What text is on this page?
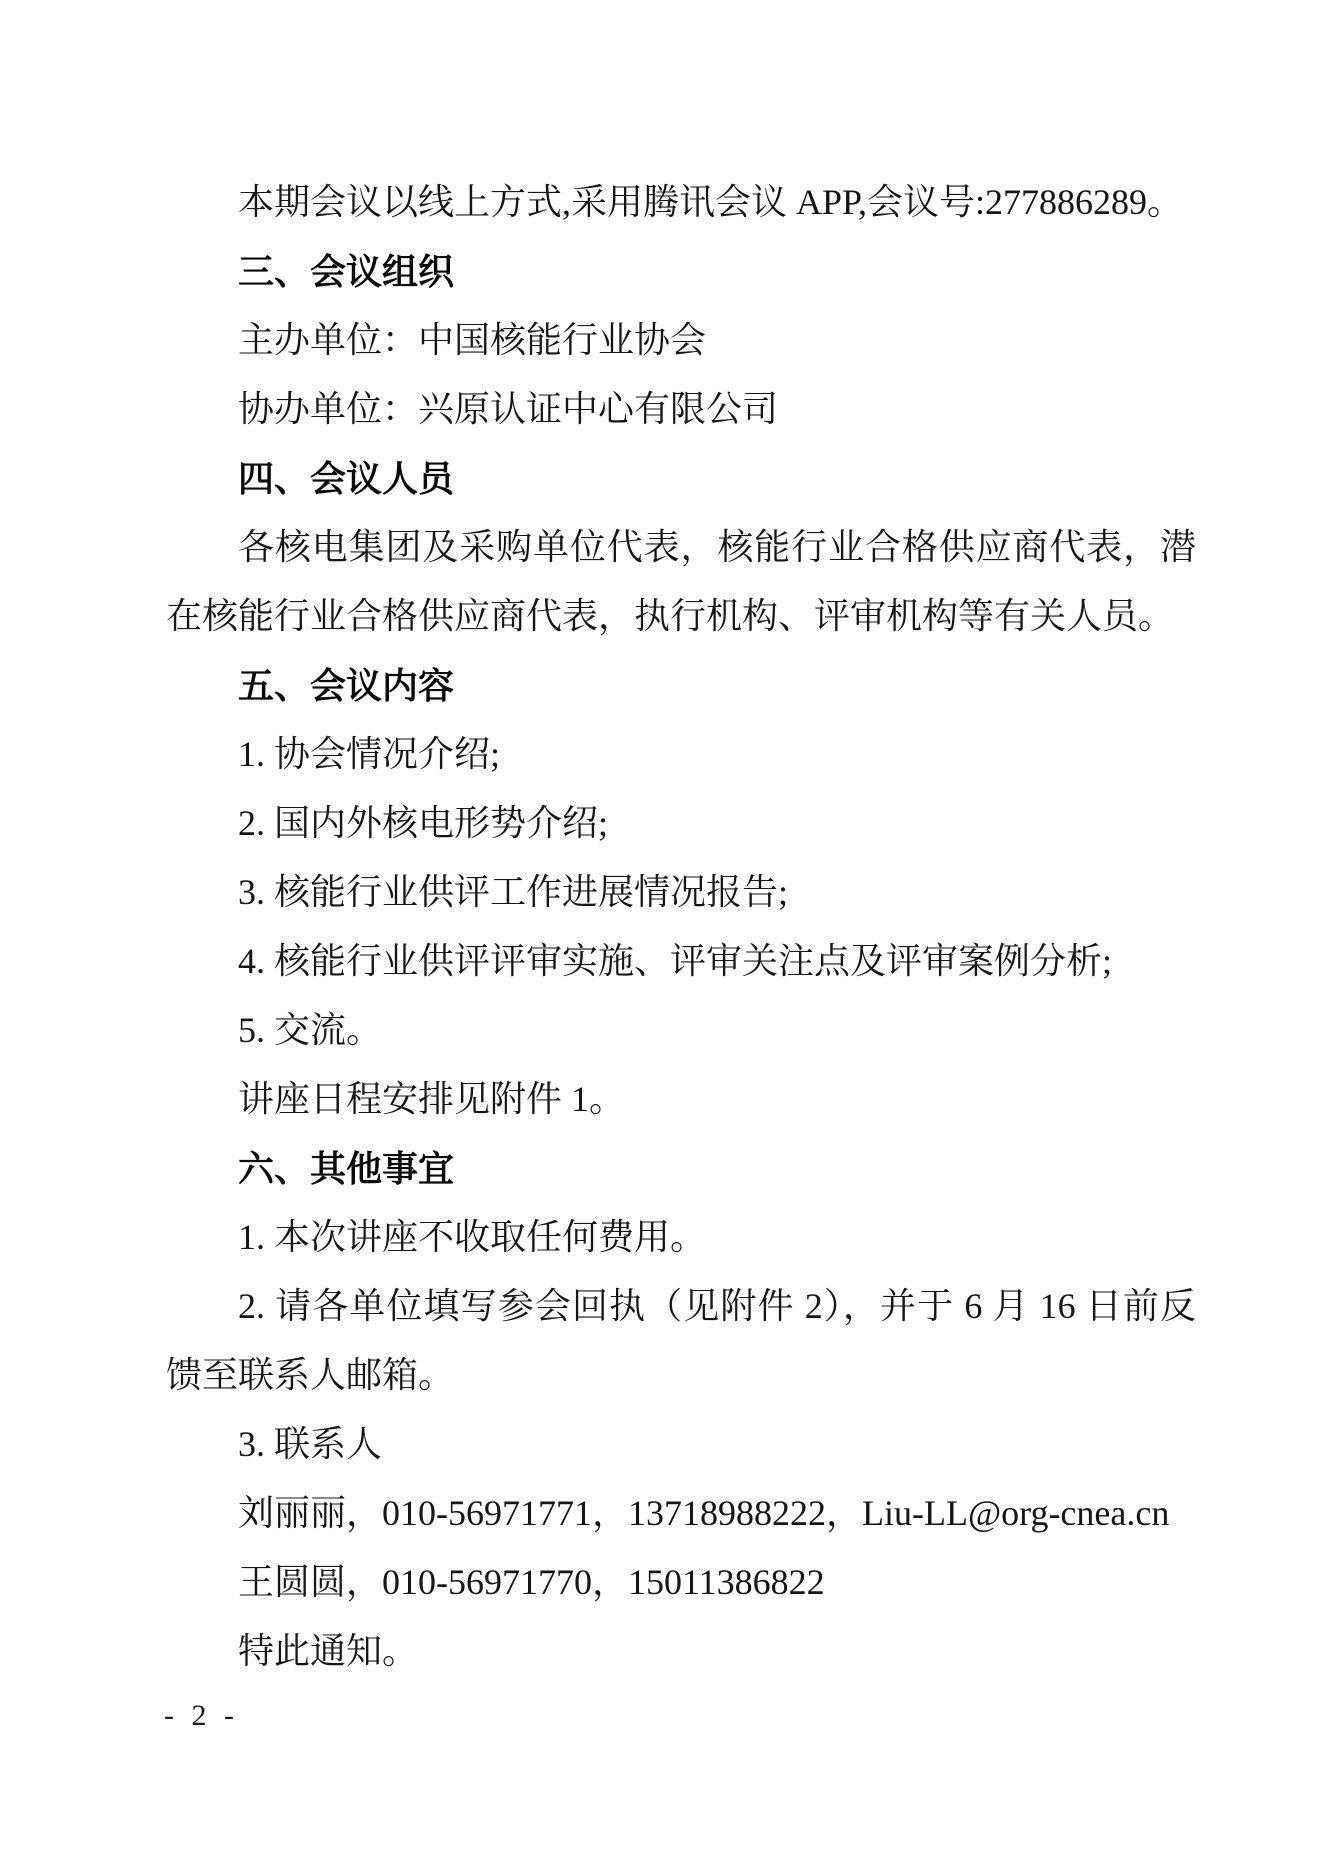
本期会议以线上方式,采用腾讯会议 APP,会议号:277886289。

三、会议组织

主办单位：中国核能行业协会

协办单位：兴原认证中心有限公司

四、会议人员

各核电集团及采购单位代表，核能行业合格供应商代表，潜在核能行业合格供应商代表，执行机构、评审机构等有关人员。

五、会议内容

1. 协会情况介绍;

2. 国内外核电形势介绍;

3. 核能行业供评工作进展情况报告;

4. 核能行业供评评审实施、评审关注点及评审案例分析;

5. 交流。

讲座日程安排见附件 1。

六、其他事宜

1. 本次讲座不收取任何费用。

2. 请各单位填写参会回执（见附件 2），并于 6 月 16 日前反馈至联系人邮箱。

3. 联系人

刘丽丽，010-56971771，13718988222，Liu-LL@org-cnea.cn

王圆圆，010-56971770，15011386822

特此通知。

- 2 -
